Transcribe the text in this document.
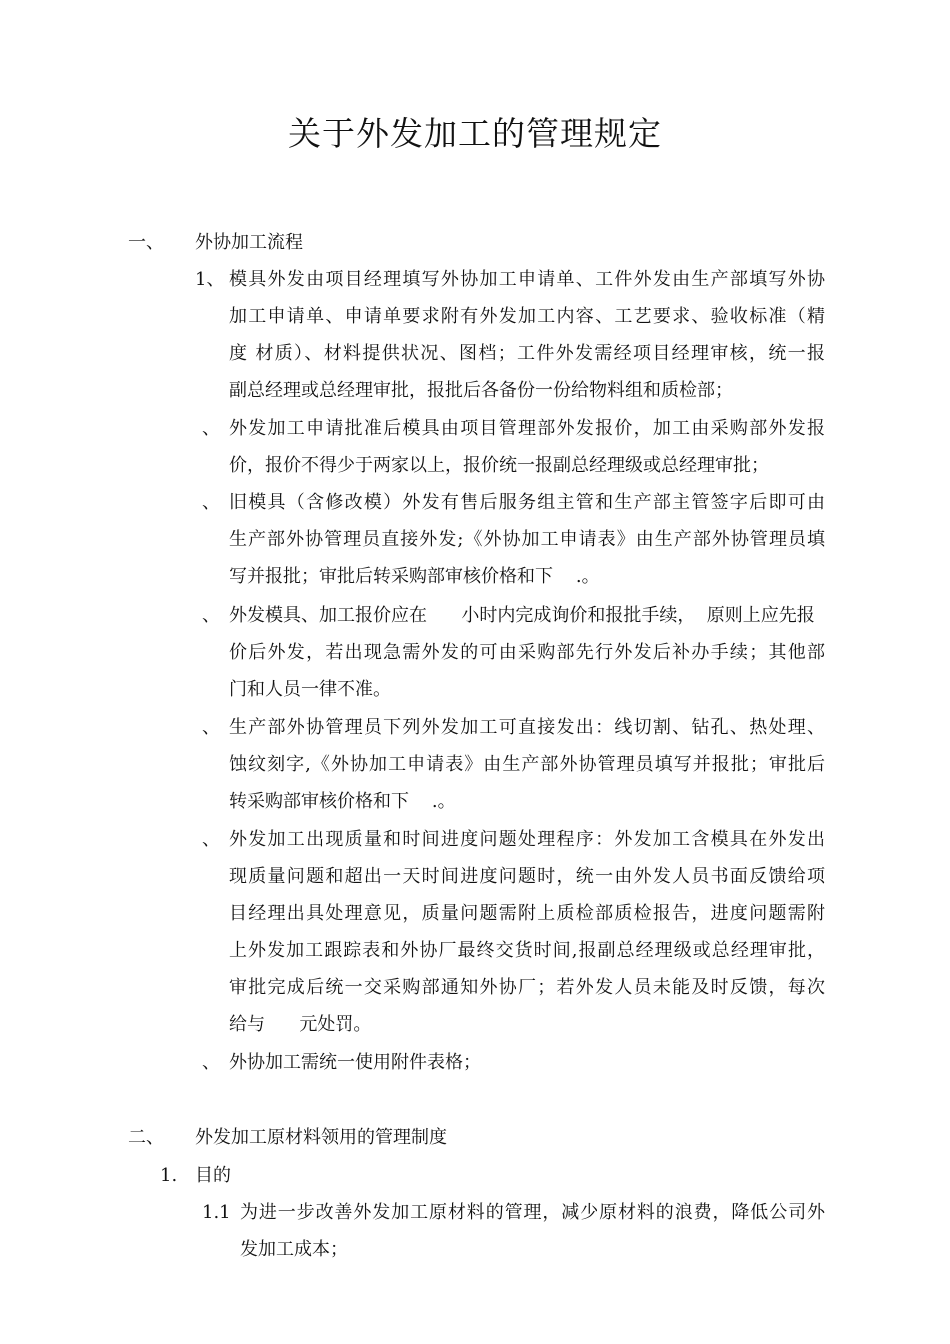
关于外发加工的管理规定
一、 外协加工流程
1、 模具外发由项目经理填写外协加工申请单、工件外发由生产部填写外协
加工申请单、申请单要求附有外发加工内容、工艺要求、验收标准（精
度 材质）、材料提供状况、图档；工件外发需经项目经理审核，统一报
副总经理或总经理审批，报批后各备份一份给物料组和质检部；
、 外发加工申请批准后模具由项目管理部外发报价，加工由采购部外发报
价，报价不得少于两家以上，报价统一报副总经理级或总经理审批；
、 旧模具（含修改模）外发有售后服务组主管和生产部主管签字后即可由
生产部外协管理员直接外发;《外协加工申请表》由生产部外协管理员填
写并报批；审批后转采购部审核价格和下    .。
、 外发模具、加工报价应在      小时内完成询价和报批手续，  原则上应先报
价后外发，若出现急需外发的可由采购部先行外发后补办手续；其他部
门和人员一律不准。
、 生产部外协管理员下列外发加工可直接发出：线切割、钻孔、热处理、
蚀纹刻字,《外协加工申请表》由生产部外协管理员填写并报批；审批后
转采购部审核价格和下    .。
、 外发加工出现质量和时间进度问题处理程序：外发加工含模具在外发出
现质量问题和超出一天时间进度问题时，统一由外发人员书面反馈给项
目经理出具处理意见，质量问题需附上质检部质检报告，进度问题需附
上外发加工跟踪表和外协厂最终交货时间,报副总经理级或总经理审批，
审批完成后统一交采购部通知外协厂；若外发人员未能及时反馈，每次
给与      元处罚。
、 外协加工需统一使用附件表格；
二、 外发加工原材料领用的管理制度
1. 目的
1.1 为进一步改善外发加工原材料的管理，减少原材料的浪费，降低公司外
发加工成本；
